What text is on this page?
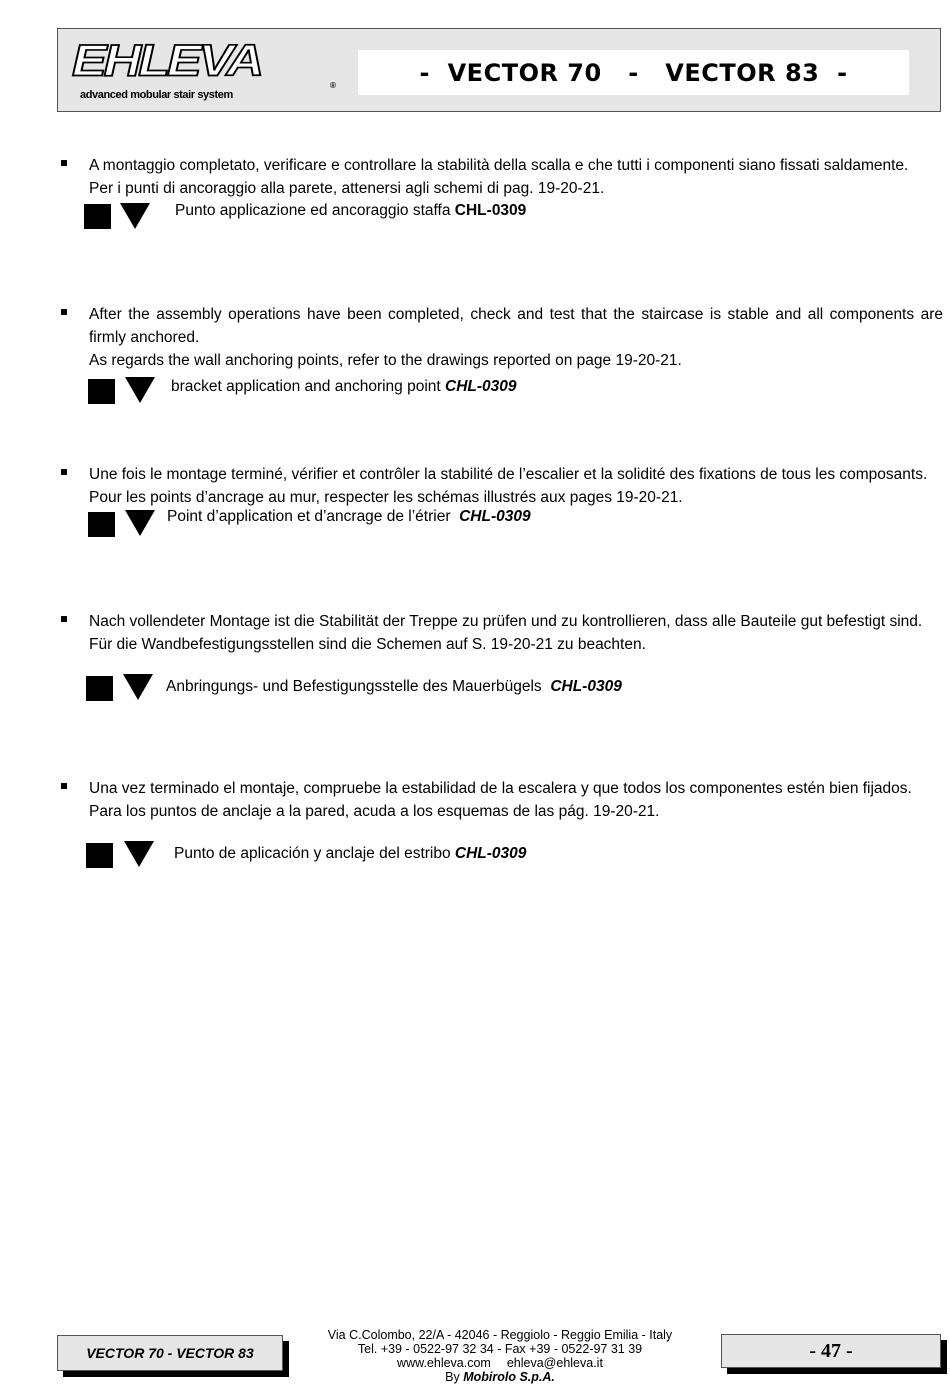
EHLEVA	®
advanced mobular stair system
-  VECTOR 70   -   VECTOR 83  -

A montaggio completato, verificare e controllare la stabilità della scalla e che tutti i componenti siano fissati saldamente.

Per i punti di ancoraggio alla parete, attenersi agli schemi di pag. 19-20-21.

Punto applicazione ed ancoraggio staffa CHL-0309

After the assembly operations have been completed, check and test that the staircase is stable and all components are firmly anchored.

As regards the wall anchoring points, refer to the drawings reported on page 19-20-21.

bracket application and anchoring point CHL-0309

Une fois le montage terminé, vérifier et contrôler la stabilité de l’escalier et la solidité des fixations de tous les composants.

Pour les points d’ancrage au mur, respecter les schémas illustrés aux pages 19-20-21.

Point d’application et d’ancrage de l’étrier CHL-0309

Nach vollendeter Montage ist die Stabilität der Treppe zu prüfen und zu kontrollieren, dass alle Bauteile gut befestigt sind.

Für die Wandbefestigungsstellen sind die Schemen auf S. 19-20-21 zu beachten.

Anbringungs- und Befestigungsstelle des Mauerbügels CHL-0309

Una vez terminado el montaje, compruebe la estabilidad de la escalera y que todos los componentes estén bien fijados.

Para los puntos de anclaje a la pared, acuda a los esquemas de las pág. 19-20-21.

Punto de aplicación y anclaje del estribo CHL-0309
VECTOR 70 - VECTOR 83
Via C.Colombo, 22/A - 42046 - Reggiolo - Reggio Emilia - Italy
Tel. +39 - 0522-97 32 34 - Fax +39 - 0522-97 31 39
www.ehleva.com ehleva@ehleva.it
By Mobirolo S.p.A.
- 47 -
